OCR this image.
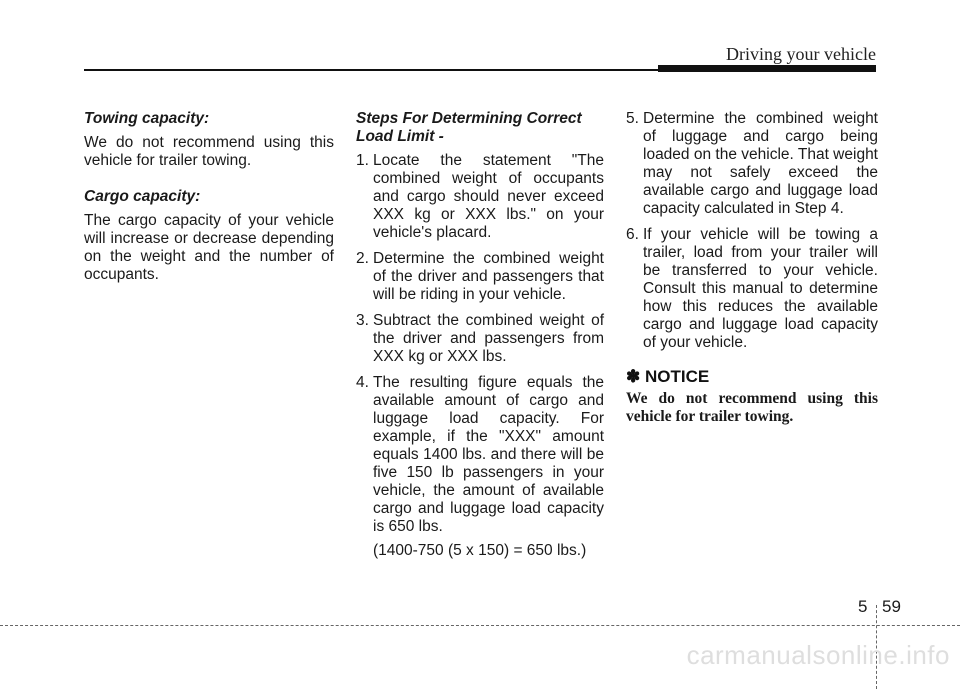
Driving your vehicle
Towing capacity:

We do not recommend using this vehicle for trailer towing.

Cargo capacity:

The cargo capacity of your vehicle will increase or decrease depending on the weight and the number of occupants.

Steps For Determining Correct Load Limit -
1. Locate the statement "The combined weight of occupants and cargo should never exceed XXX kg or XXX lbs." on your vehicle's placard.
2. Determine the combined weight of the driver and passengers that will be riding in your vehicle.
3. Subtract the combined weight of the driver and passengers from XXX kg or XXX lbs.
4. The resulting figure equals the available amount of cargo and luggage load capacity. For example, if the "XXX" amount equals 1400 lbs. and there will be five 150 lb passengers in your vehicle, the amount of available cargo and luggage load capacity is 650 lbs.
(1400-750 (5 x 150) = 650 lbs.)
5. Determine the combined weight of luggage and cargo being loaded on the vehicle. That weight may not safely exceed the available cargo and luggage load capacity calculated in Step 4.
6. If your vehicle will be towing a trailer, load from your trailer will be transferred to your vehicle. Consult this manual to determine how this reduces the available cargo and luggage load capacity of your vehicle.
✽ NOTICE
We do not recommend using this vehicle for trailer towing.
5 59
carmanualsonline.info
